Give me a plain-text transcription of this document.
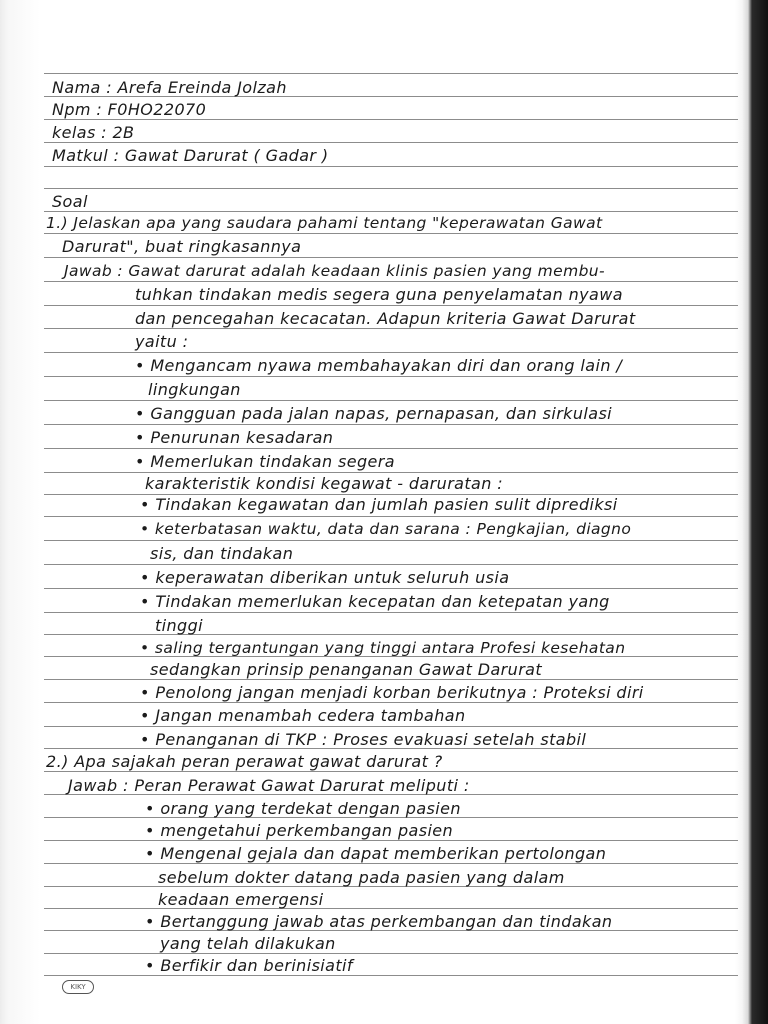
Nama : Arefa Ereinda Jolzah
Npm : F0HO22070
kelas : 2B
Matkul : Gawat Darurat ( Gadar )
Soal
1.) Jelaskan apa yang saudara pahami tentang "keperawatan Gawat
Darurat", buat ringkasannya
Jawab : Gawat darurat adalah keadaan klinis pasien yang membu-
tuhkan tindakan medis segera guna penyelamatan nyawa
dan pencegahan kecacatan. Adapun kriteria Gawat Darurat
yaitu :
• Mengancam nyawa membahayakan diri dan orang lain /
lingkungan
• Gangguan pada jalan napas, pernapasan, dan sirkulasi
• Penurunan kesadaran
• Memerlukan tindakan segera
karakteristik kondisi kegawat - daruratan :
• Tindakan kegawatan dan jumlah pasien sulit diprediksi
• keterbatasan waktu, data dan sarana : Pengkajian, diagno
sis, dan tindakan
• keperawatan diberikan untuk seluruh usia
• Tindakan memerlukan kecepatan dan ketepatan yang
tinggi
• saling tergantungan yang tinggi antara Profesi kesehatan
sedangkan prinsip penanganan Gawat Darurat
• Penolong jangan menjadi korban berikutnya : Proteksi diri
• Jangan menambah cedera tambahan
• Penanganan di TKP : Proses evakuasi setelah stabil
2.) Apa sajakah peran perawat gawat darurat ?
Jawab : Peran Perawat Gawat Darurat meliputi :
• orang yang terdekat dengan pasien
• mengetahui perkembangan pasien
• Mengenal gejala dan dapat memberikan pertolongan
sebelum dokter datang pada pasien yang dalam
keadaan emergensi
• Bertanggung jawab atas perkembangan dan tindakan
yang telah dilakukan
• Berfikir dan berinisiatif
KIKY
